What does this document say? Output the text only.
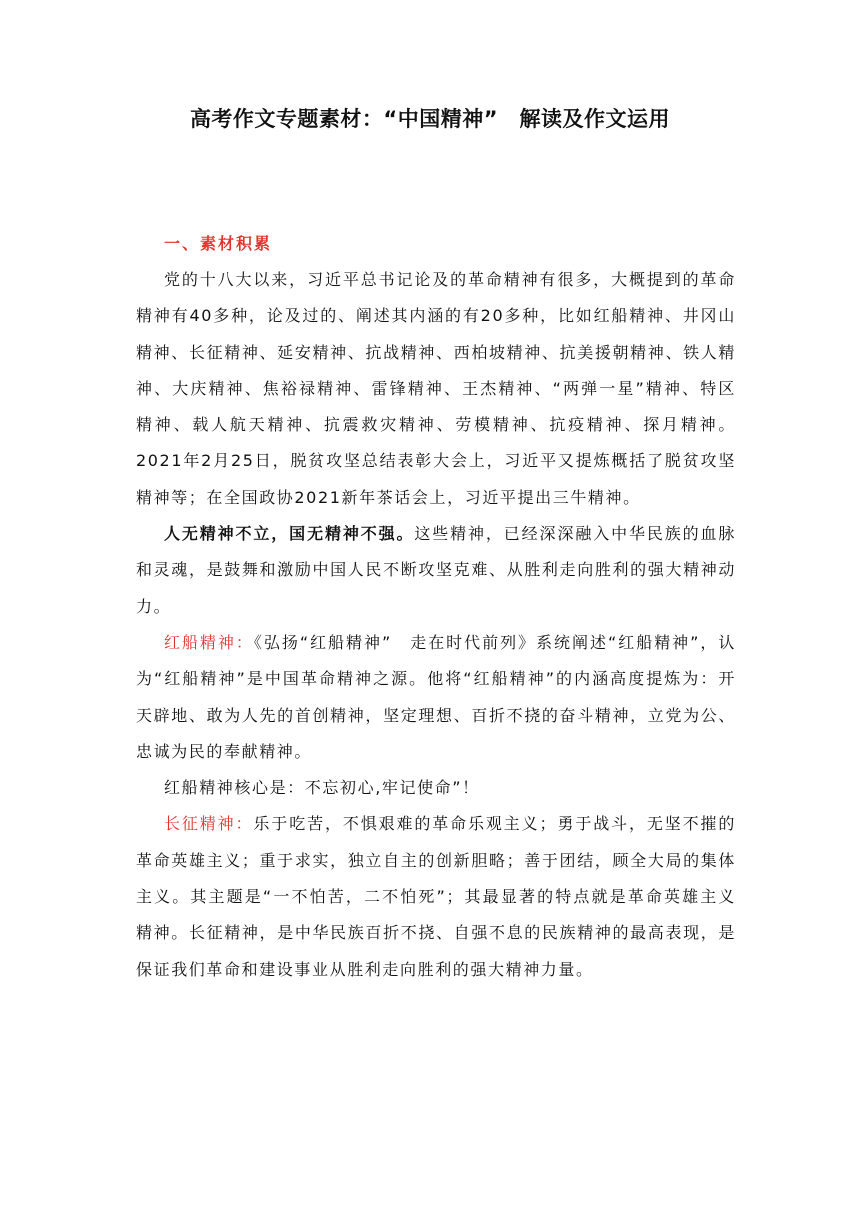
高考作文专题素材：“中国精神”　解读及作文运用

一、素材积累

党的十八大以来，习近平总书记论及的革命精神有很多，大概提到的革命精神有40多种，论及过的、阐述其内涵的有20多种，比如红船精神、井冈山精神、长征精神、延安精神、抗战精神、西柏坡精神、抗美援朝精神、铁人精神、大庆精神、焦裕禄精神、雷锋精神、王杰精神、“两弹一星”精神、特区精神、载人航天精神、抗震救灾精神、劳模精神、抗疫精神、探月精神。2021年2月25日，脱贫攻坚总结表彰大会上，习近平又提炼概括了脱贫攻坚精神等；在全国政协2021新年茶话会上，习近平提出三牛精神。

人无精神不立，国无精神不强。这些精神，已经深深融入中华民族的血脉和灵魂，是鼓舞和激励中国人民不断攻坚克难、从胜利走向胜利的强大精神动力。

红船精神：《弘扬“红船精神”　走在时代前列》系统阐述“红船精神”，认为“红船精神”是中国革命精神之源。他将“红船精神”的内涵高度提炼为：开天辟地、敢为人先的首创精神，坚定理想、百折不挠的奋斗精神，立党为公、忠诚为民的奉献精神。

红船精神核心是：不忘初心,牢记使命”！

长征精神：乐于吃苦，不惧艰难的革命乐观主义；勇于战斗，无坚不摧的革命英雄主义；重于求实，独立自主的创新胆略；善于团结，顾全大局的集体主义。其主题是“一不怕苦，二不怕死”；其最显著的特点就是革命英雄主义精神。长征精神，是中华民族百折不挠、自强不息的民族精神的最高表现，是保证我们革命和建设事业从胜利走向胜利的强大精神力量。
